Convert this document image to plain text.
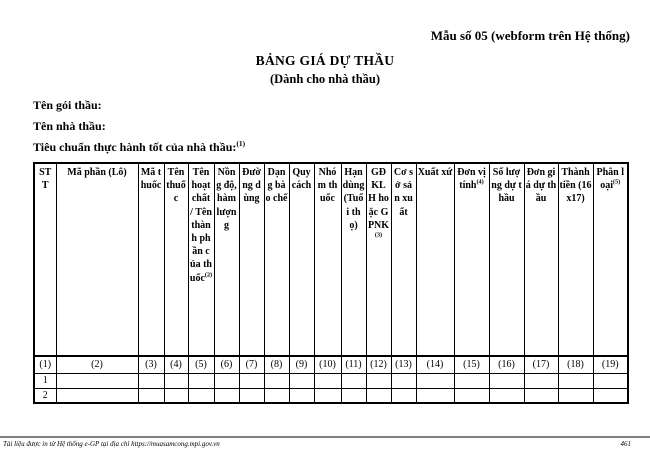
Mẫu số 05 (webform trên Hệ thống)
BẢNG GIÁ DỰ THẦU
(Dành cho nhà thầu)
Tên gói thầu:
Tên nhà thầu:
Tiêu chuẩn thực hành tốt của nhà thầu:$^{(1)}$
STT	Mã phần (Lô)	Mã thuốc	Tên thuốc	Tên hoạt chất / Tên thành phần của thuốc$^{(2)}$	Nồng độ, hàm lượng	Đường dùng	Dạng bào chế	Quy cách	Nhóm thuốc	Hạn dùng (Tuổi thọ)	GĐKLH hoặc GPNK$^{(3)}$	Cơ sở sản xuất	Xuất xứ	Đơn vị tính$^{(4)}$	Số lượng dự thầu	Đơn giá dự thầu	Thành tiền (16x17)	Phân loại$^{(5)}$
(1)	(2)	(3)	(4)	(5)	(6)	(7)	(8)	(9)	(10)	(11)	(12)	(13)	(14)	(15)	(16)	(17)	(18)	(19)
1																		
2																		
Tài liệu được in từ Hệ thống e-GP tại địa chỉ https://muasamcong.mpi.gov.vn	461
